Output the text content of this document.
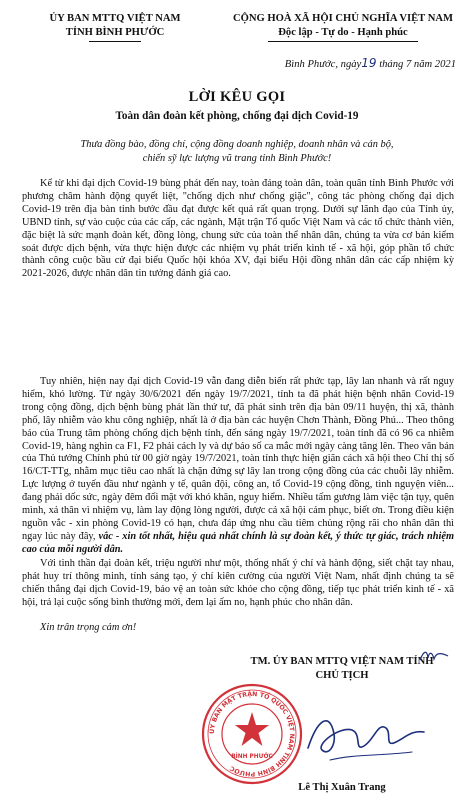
ỦY BAN MTTQ VIỆT NAM
TỈNH BÌNH PHƯỚC
CỘNG HOÀ XÃ HỘI CHỦ NGHĨA VIỆT NAM
Độc lập - Tự do - Hạnh phúc
Bình Phước, ngày19 tháng 7 năm 2021
LỜI KÊU GỌI
Toàn dân đoàn kết phòng, chống đại dịch Covid-19
Thưa đồng bào, đồng chí, cộng đồng doanh nghiệp, doanh nhân và cán bộ,
chiến sỹ lực lượng vũ trang tỉnh Bình Phước!
Kể từ khi đại dịch Covid-19 bùng phát đến nay, toàn đảng toàn dân, toàn quân tỉnh Bình Phước với phương châm hành động quyết liệt, "chống dịch như chống giặc", công tác phòng chống đại dịch Covid-19 trên địa bàn tỉnh bước đầu đạt được kết quả rất quan trọng. Dưới sự lãnh đạo của Tỉnh ủy, UBND tỉnh, sự vào cuộc của các cấp, các ngành, Mặt trận Tổ quốc Việt Nam và các tổ chức thành viên, đặc biệt là sức mạnh đoàn kết, đồng lòng, chung sức của toàn thể nhân dân, chúng ta vừa cơ bản kiểm soát được dịch bệnh, vừa thực hiện được các nhiệm vụ phát triển kinh tế - xã hội, góp phần tổ chức thành công cuộc bầu cử đại biểu Quốc hội khóa XV, đại biểu Hội đồng nhân dân các cấp nhiệm kỳ 2021-2026, được nhân dân tin tưởng đánh giá cao.
Tuy nhiên, hiện nay đại dịch Covid-19 vẫn đang diễn biến rất phức tạp, lây lan nhanh và rất nguy hiểm, khó lường. Từ ngày 30/6/2021 đến ngày 19/7/2021, tỉnh ta đã phát hiện bệnh nhân Covid-19 trong cộng đồng, dịch bệnh bùng phát lần thứ tư, đã phát sinh trên địa bàn 09/11 huyện, thị xã, thành phố, lây nhiễm vào khu công nghiệp, nhất là ở địa bàn các huyện Chơn Thành, Đồng Phú... Theo thông báo của Trung tâm phòng chống dịch bệnh tỉnh, đến sáng ngày 19/7/2021, toàn tỉnh đã có 96 ca nhiễm Covid-19, hàng nghìn ca F1, F2 phải cách ly và dự báo số ca mắc mới ngày càng tăng lên. Theo văn bản của Thủ tướng Chính phủ từ 00 giờ ngày 19/7/2021, toàn tỉnh thực hiện giãn cách xã hội theo Chỉ thị số 16/CT-TTg, nhằm mục tiêu cao nhất là chặn đứng sự lây lan trong cộng đồng của các chuỗi lây nhiễm. Lực lượng ở tuyến đầu như ngành y tế, quân đội, công an, tổ Covid-19 cộng đồng, tình nguyện viên... đang phải dốc sức, ngày đêm đối mặt với khó khăn, nguy hiểm. Nhiều tấm gương làm việc tận tụy, quên mình, xả thân vì nhiệm vụ, làm lay động lòng người, được cả xã hội cảm phục, biết ơn. Trong điều kiện nguồn vắc - xin phòng Covid-19 có hạn, chưa đáp ứng nhu cầu tiêm chủng rộng rãi cho nhân dân thì ngay lúc này đây, vắc - xin tốt nhất, hiệu quả nhất chính là sự đoàn kết, ý thức tự giác, trách nhiệm cao của mỗi người dân.
Với tinh thần đại đoàn kết, triệu người như một, thống nhất ý chí và hành động, siết chặt tay nhau, phát huy trí thông minh, tính sáng tạo, ý chí kiên cường của người Việt Nam, nhất định chúng ta sẽ chiến thắng đại dịch Covid-19, bảo vệ an toàn sức khỏe cho cộng đồng, tiếp tục phát triển kinh tế - xã hội, trả lại cuộc sống bình thường mới, đem lại ấm no, hạnh phúc cho nhân dân.
Xin trân trọng cảm ơn!
TM. ỦY BAN MTTQ VIỆT NAM TỈNH
CHỦ TỊCH
ỦY BAN MẶT TRẬN TỔ QUỐC VIỆT NAM TỈNH BÌNH PHƯỚC
BÌNH PHƯỚC
Lê Thị Xuân Trang
